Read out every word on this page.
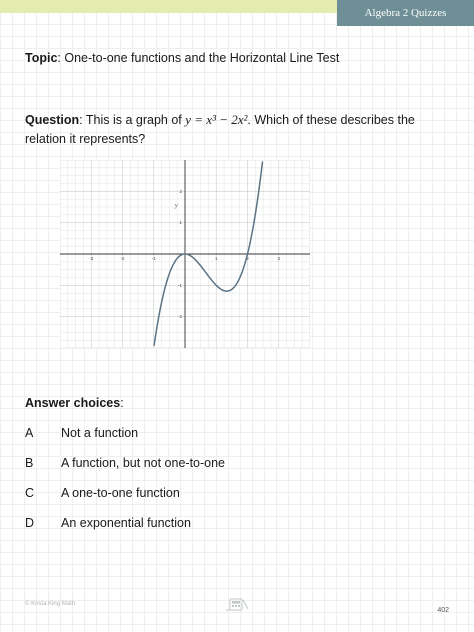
Algebra 2 Quizzes
Topic: One-to-one functions and the Horizontal Line Test
Question: This is a graph of y = x³ − 2x². Which of these describes the relation it represents?
-3	-2	-1	1	2	3
2
1
-1
-2
y
Answer choices:
A	Not a function
B	A function, but not one-to-one
C	A one-to-one function
D	An exponential function
© Krista King Math
402
